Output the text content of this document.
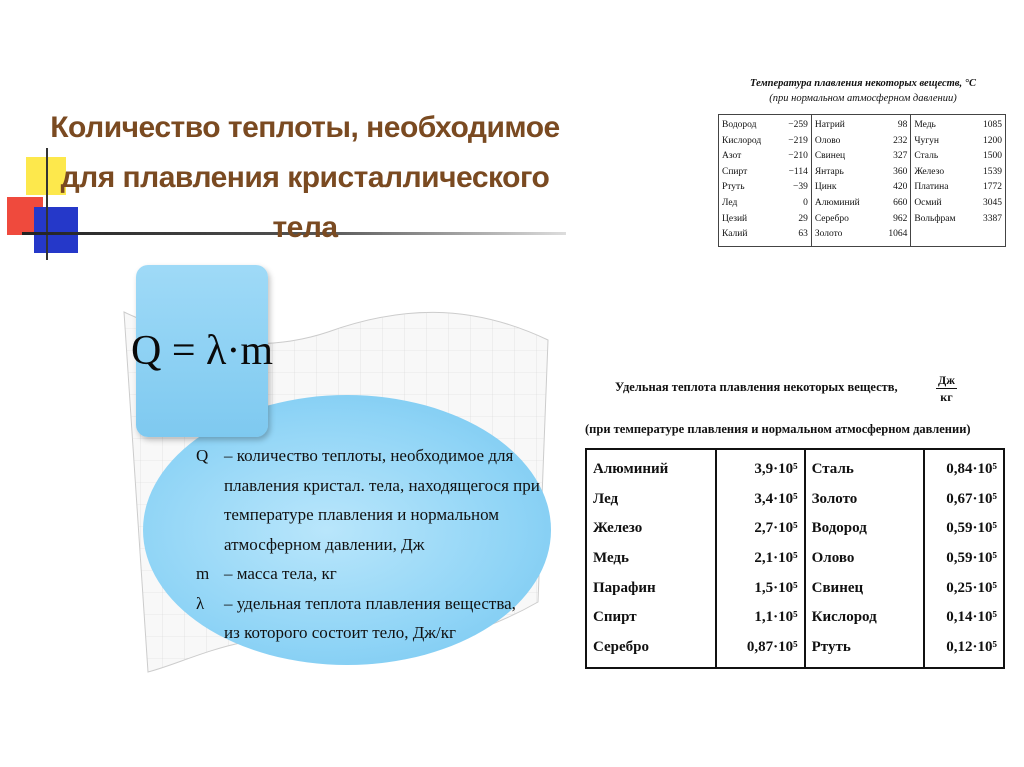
Количество теплоты, необходимое для плавления кристаллического тела
Q = λ·m
Q – количество теплоты, необходимое для
плавления кристал. тела, находящегося при
температуре плавления и нормальном
атмосферном давлении, Дж
m – масса тела, кг
λ	– удельная теплота плавления вещества,
из которого состоит тело, Дж/кг
Температура плавления некоторых веществ, °С
(при нормальном атмосферном давлении)
Водород	−259	Натрий	98	Медь	1085
Кислород	−219	Олово	232	Чугун	1200
Азот	−210	Свинец	327	Сталь	1500
Спирт	−114	Янтарь	360	Железо	1539
Ртуть	−39	Цинк	420	Платина	1772
Лед	0	Алюминий	660	Осмий	3045
Цезий	29	Серебро	962	Вольфрам	3387
Калий	63	Золото	1064		
Удельная теплота плавления некоторых веществ,	Дж
кг
(при температуре плавления и нормальном атмосферном давлении)
Алюминий	3,9·10⁵	Сталь	0,84·10⁵
Лед	3,4·10⁵	Золото	0,67·10⁵
Железо	2,7·10⁵	Водород	0,59·10⁵
Медь	2,1·10⁵	Олово	0,59·10⁵
Парафин	1,5·10⁵	Свинец	0,25·10⁵
Спирт	1,1·10⁵	Кислород	0,14·10⁵
Серебро	0,87·10⁵	Ртуть	0,12·10⁵
